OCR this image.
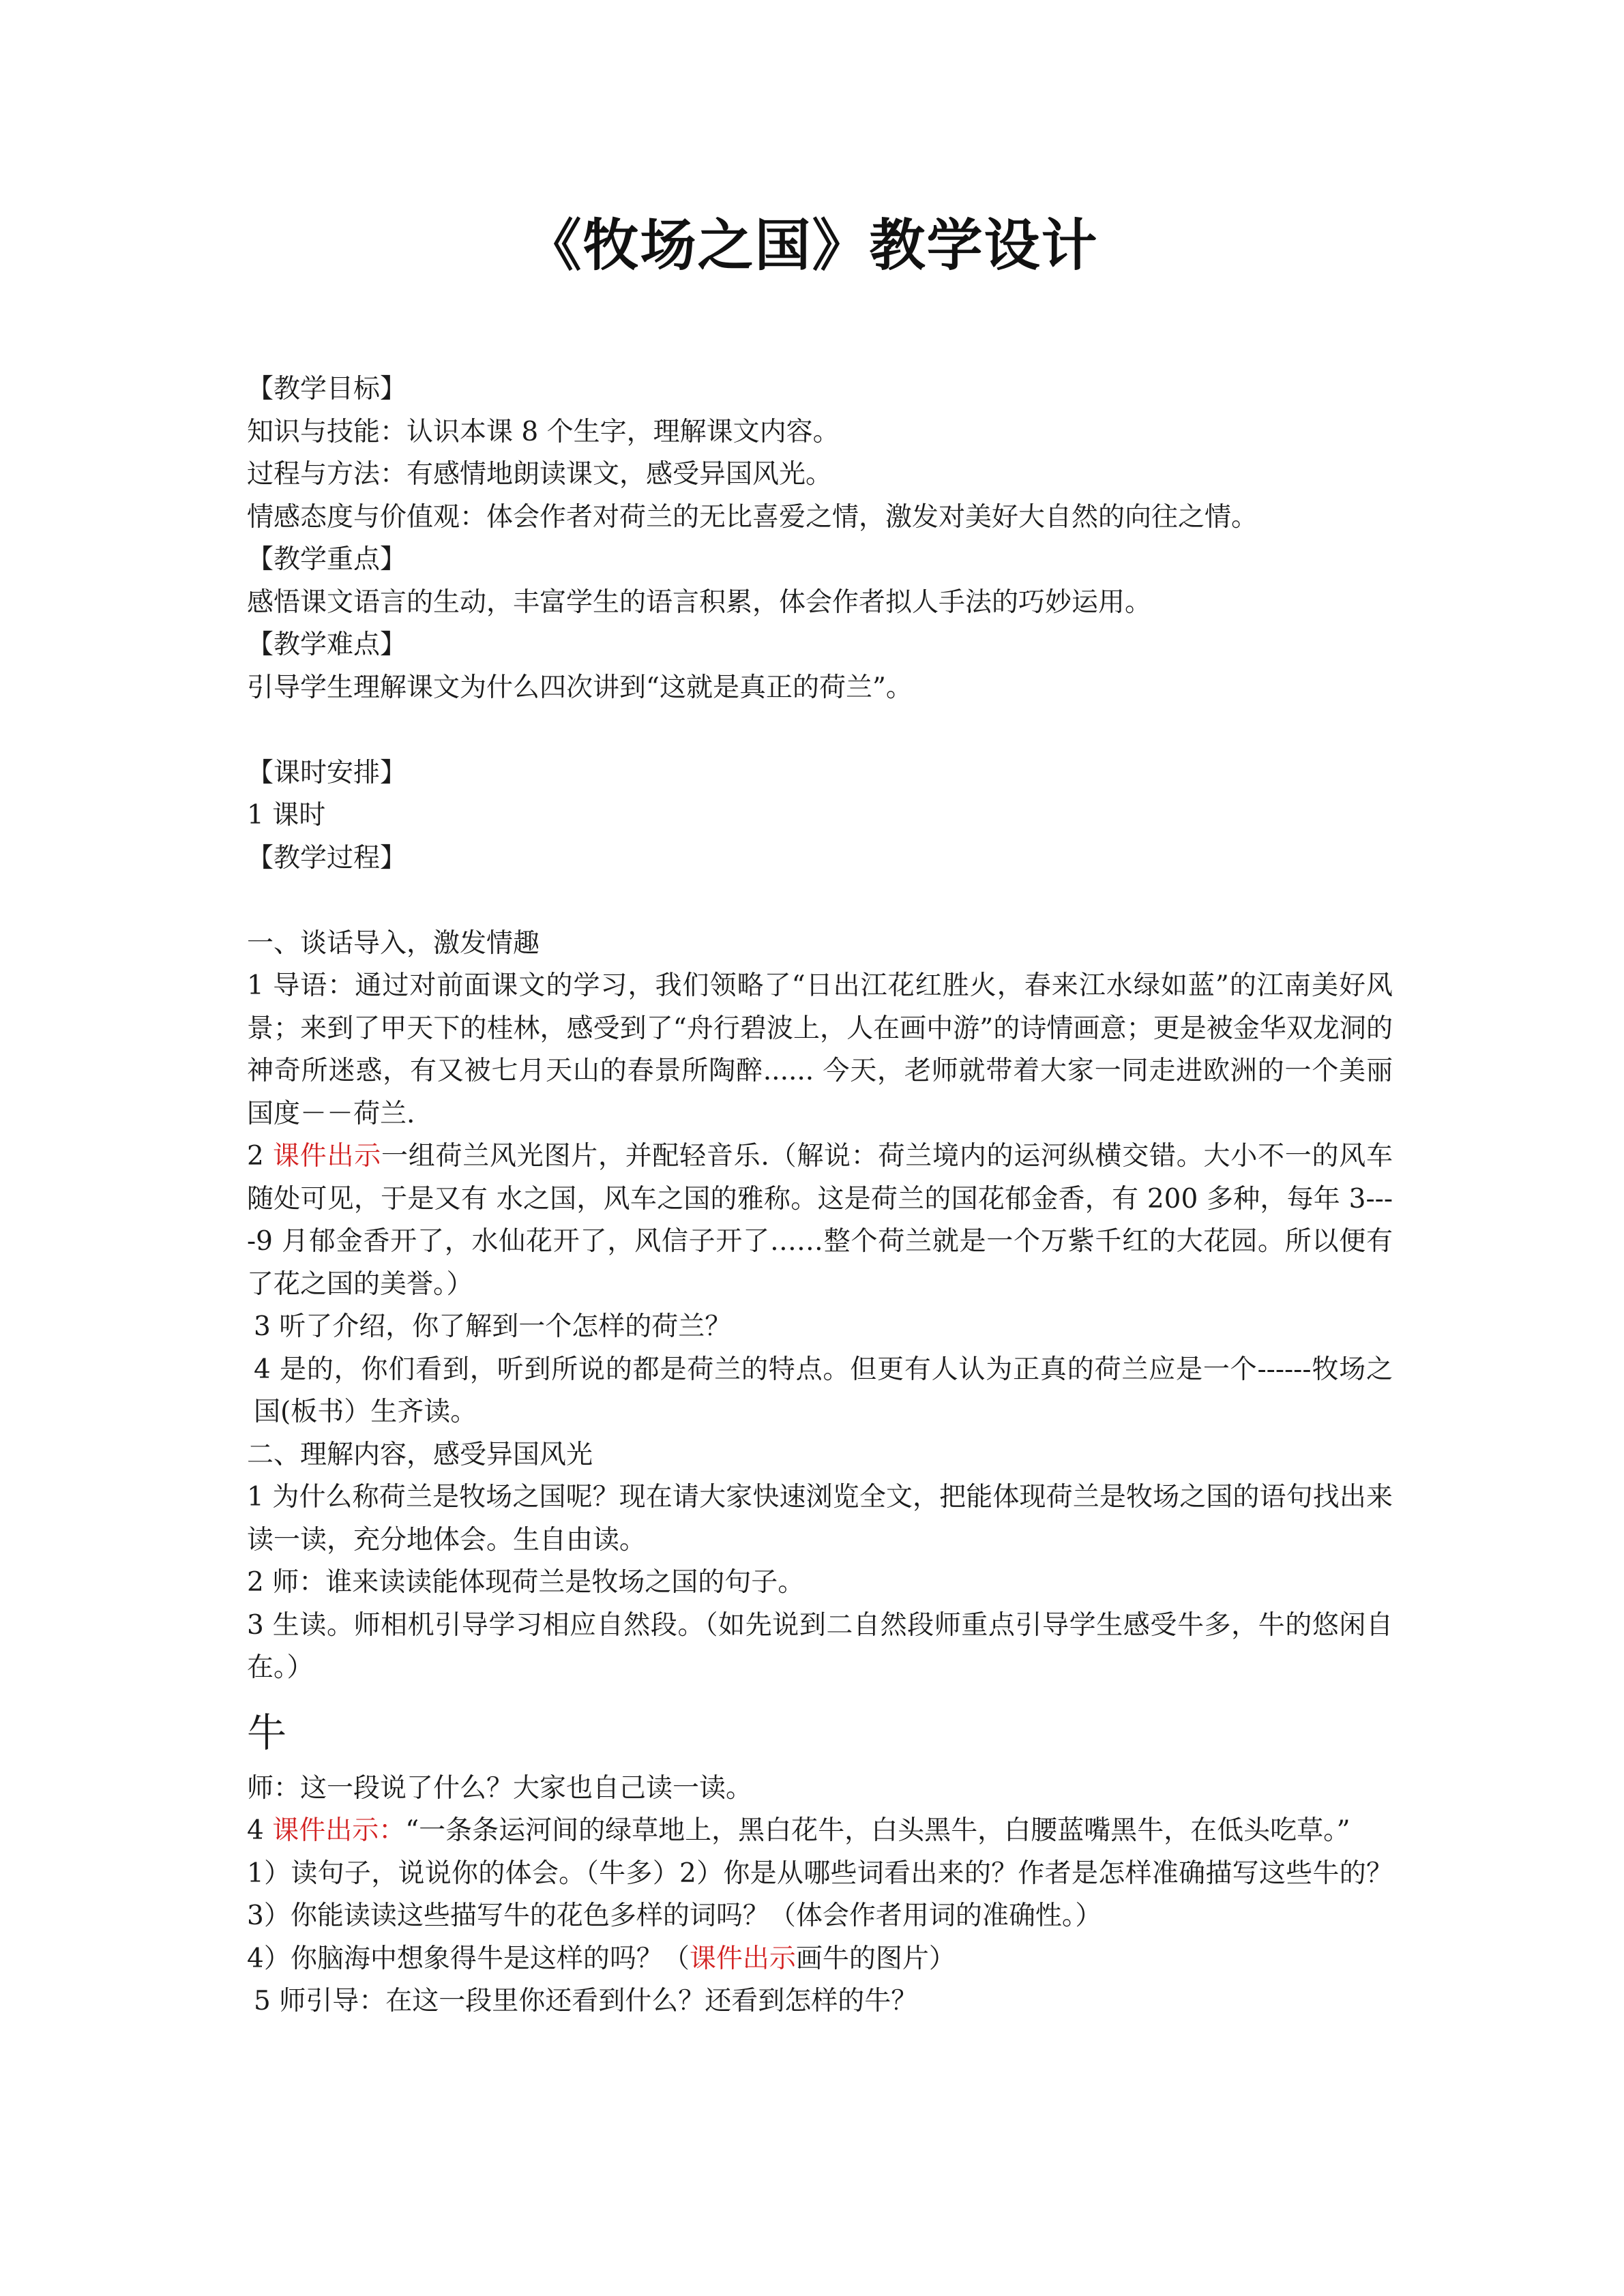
《牧场之国》教学设计
【教学目标】
知识与技能：认识本课 8 个生字，理解课文内容。
过程与方法：有感情地朗读课文，感受异国风光。
情感态度与价值观：体会作者对荷兰的无比喜爱之情，激发对美好大自然的向往之情。
【教学重点】
感悟课文语言的生动，丰富学生的语言积累，体会作者拟人手法的巧妙运用。
【教学难点】
引导学生理解课文为什么四次讲到“这就是真正的荷兰”。
【课时安排】
1 课时
【教学过程】
一、谈话导入，激发情趣
1 导语：通过对前面课文的学习，我们领略了“日出江花红胜火，春来江水绿如蓝”的江南美好风景；来到了甲天下的桂林，感受到了“舟行碧波上，人在画中游”的诗情画意；更是被金华双龙洞的神奇所迷惑，有又被七月天山的春景所陶醉...... 今天，老师就带着大家一同走进欧洲的一个美丽国度－－荷兰.
2 课件出示一组荷兰风光图片，并配轻音乐.（解说：荷兰境内的运河纵横交错。大小不一的风车随处可见，于是又有 水之国，风车之国的雅称。这是荷兰的国花郁金香，有 200 多种，每年 3----9 月郁金香开了，水仙花开了，风信子开了……整个荷兰就是一个万紫千红的大花园。所以便有了花之国的美誉。）
3 听了介绍，你了解到一个怎样的荷兰？
4 是的，你们看到，听到所说的都是荷兰的特点。但更有人认为正真的荷兰应是一个------牧场之国(板书）生齐读。
二、理解内容，感受异国风光
1 为什么称荷兰是牧场之国呢？现在请大家快速浏览全文，把能体现荷兰是牧场之国的语句找出来读一读，充分地体会。生自由读。
2 师：谁来读读能体现荷兰是牧场之国的句子。
3 生读。师相机引导学习相应自然段。（如先说到二自然段师重点引导学生感受牛多，牛的悠闲自在。）
牛
师：这一段说了什么？大家也自己读一读。
4 课件出示：“一条条运河间的绿草地上，黑白花牛，白头黑牛，白腰蓝嘴黑牛，在低头吃草。”
1）读句子，说说你的体会。（牛多）2）你是从哪些词看出来的？作者是怎样准确描写这些牛的？3）你能读读这些描写牛的花色多样的词吗？（体会作者用词的准确性。）
4）你脑海中想象得牛是这样的吗？（课件出示画牛的图片）
5 师引导：在这一段里你还看到什么？还看到怎样的牛？
